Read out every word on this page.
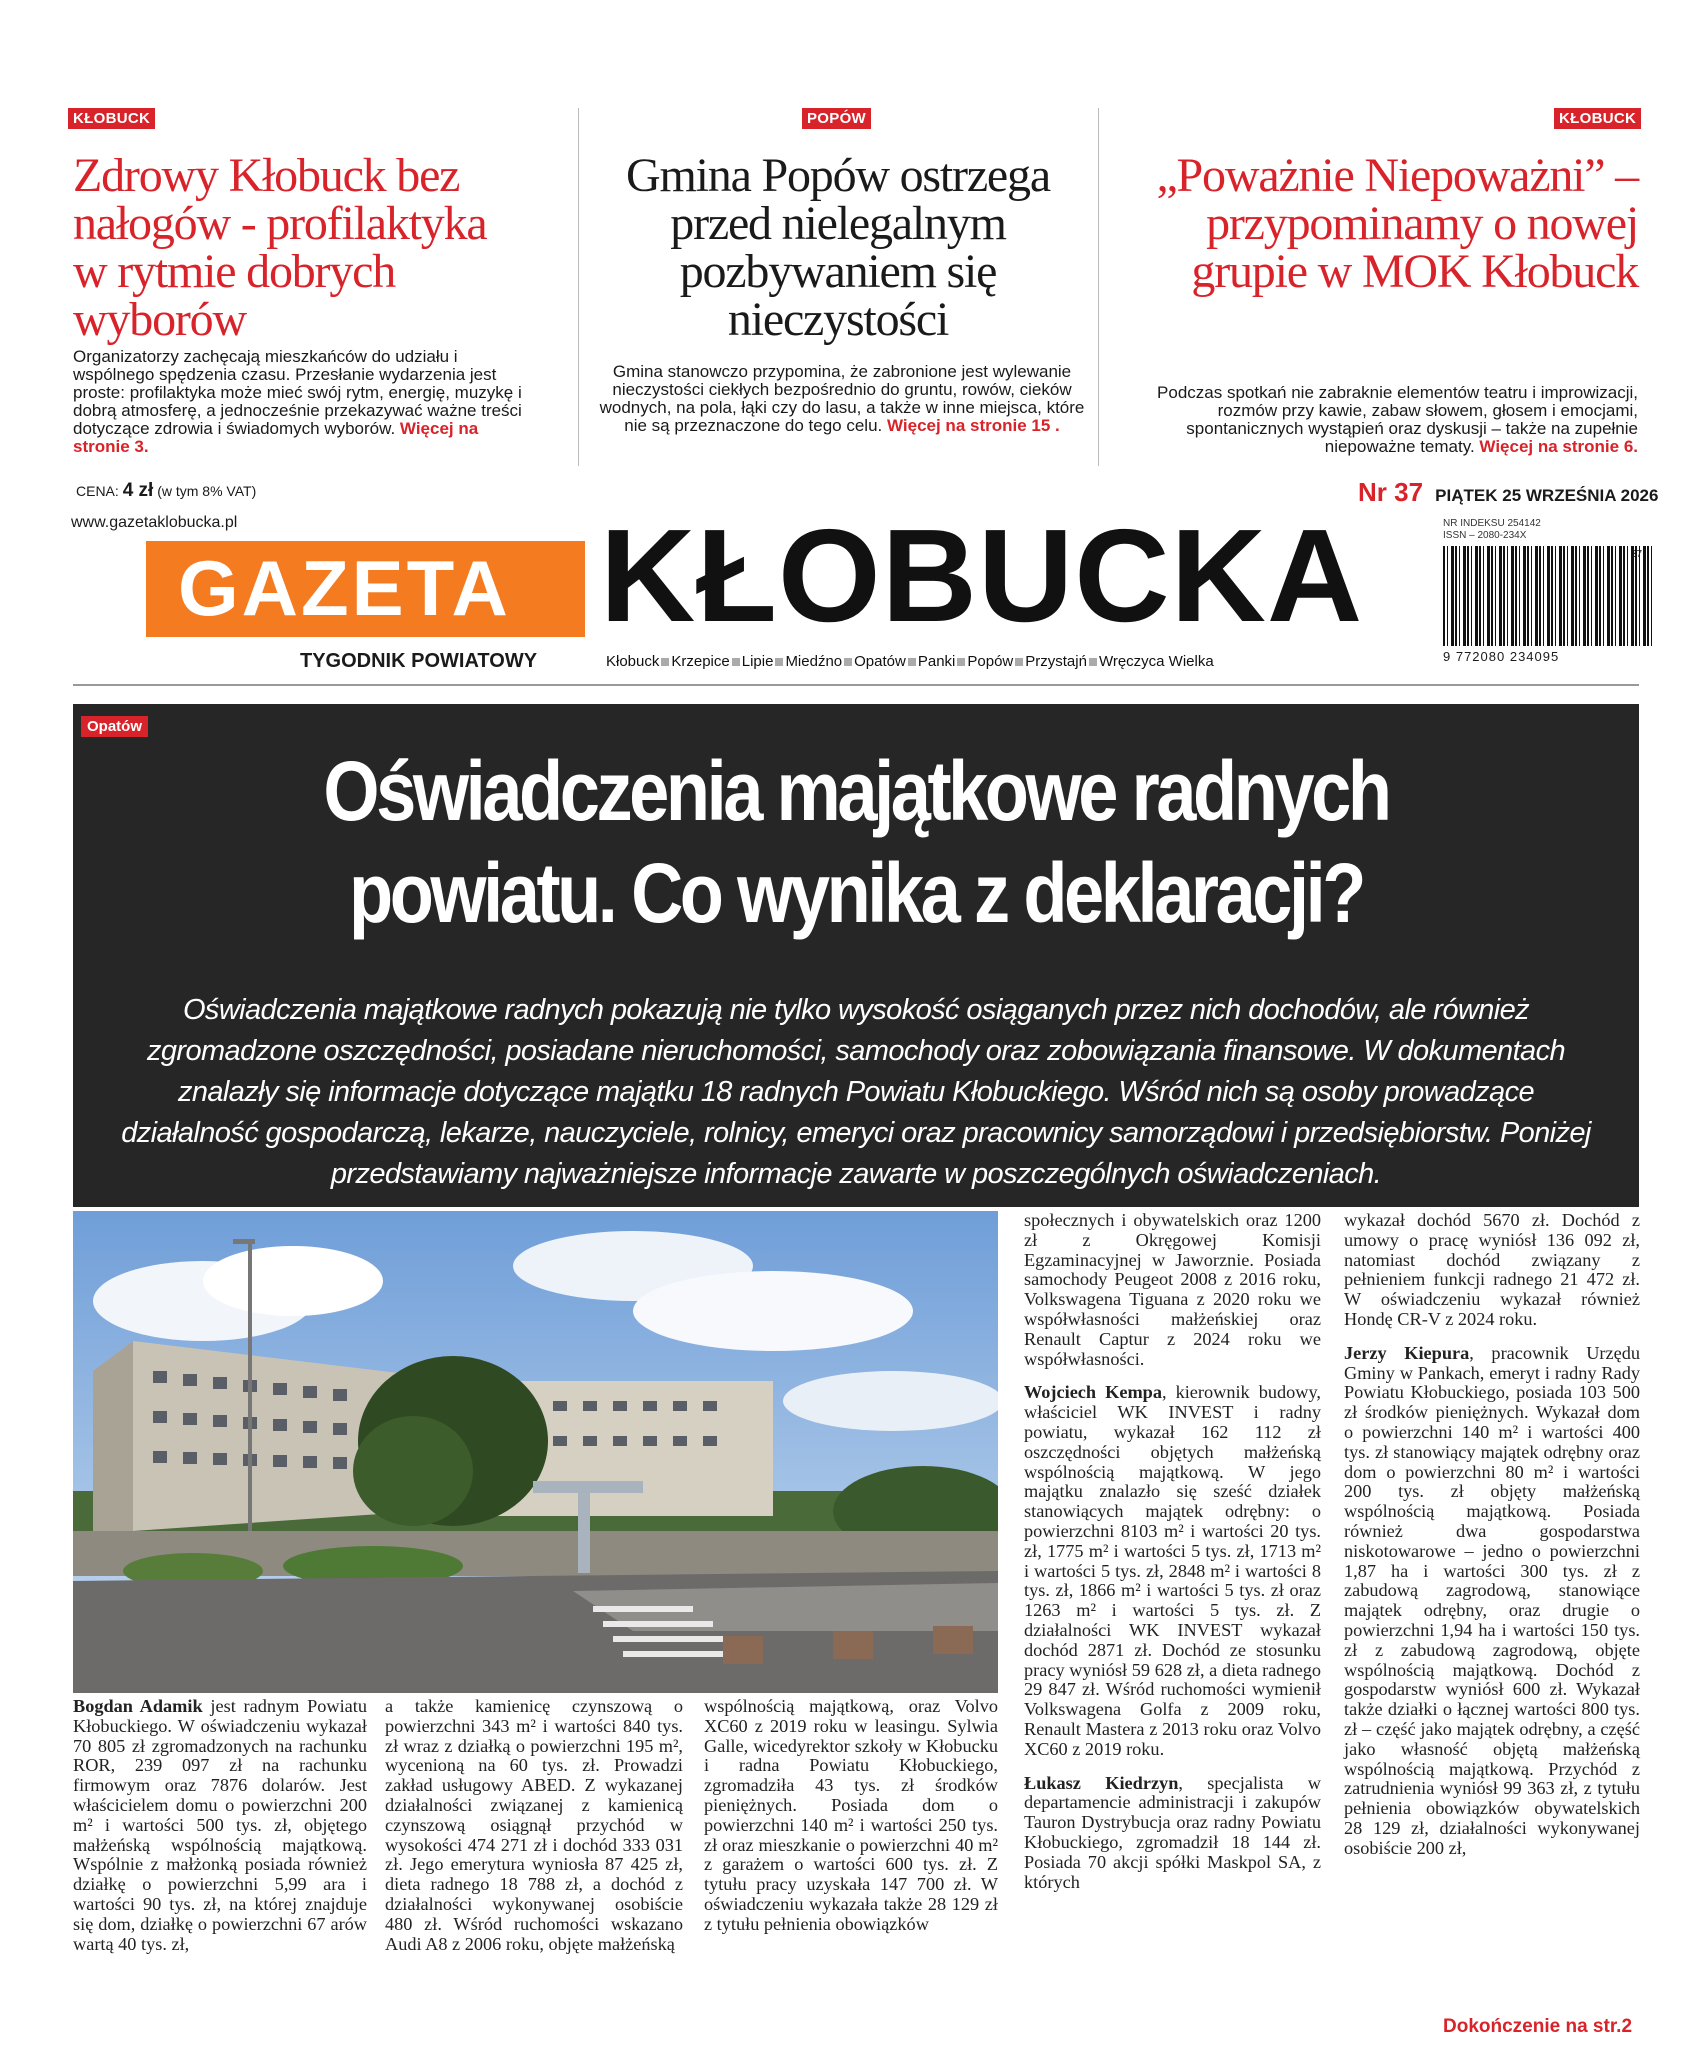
KŁOBUCK
Zdrowy Kłobuck bez nałogów - profilaktyka w rytmie dobrych wyborów
Organizatorzy zachęcają mieszkańców do udziału i wspólnego spędzenia czasu. Przesłanie wydarzenia jest proste: profilaktyka może mieć swój rytm, energię, muzykę i dobrą atmosferę, a jednocześnie przekazywać ważne treści dotyczące zdrowia i świadomych wyborów. Więcej na stronie 3.
POPÓW
Gmina Popów ostrzega przed nielegalnym pozbywaniem się nieczystości
Gmina stanowczo przypomina, że zabronione jest wylewanie nieczystości ciekłych bezpośrednio do gruntu, rowów, cieków wodnych, na pola, łąki czy do lasu, a także w inne miejsca, które nie są przeznaczone do tego celu. Więcej na stronie 15 .
KŁOBUCK
„Poważnie Niepoważni” – przypominamy o nowej grupie w MOK Kłobuck
Podczas spotkań nie zabraknie elementów teatru i improwizacji, rozmów przy kawie, zabaw słowem, głosem i emocjami, spontanicznych wystąpień oraz dyskusji – także na zupełnie niepoważne tematy. Więcej na stronie 6.
CENA: 4 zł (w tym 8% VAT)
www.gazetaklobucka.pl
GAZETA KŁOBUCKA
TYGODNIK POWIATOWY	Kłobuck Krzepice Lipie Miedźno Opatów Panki Popów Przystajń Wręczyca Wielka
Nr 37 PIĄTEK 25 WRZEŚNIA 2026
NR INDEKSU 254142
ISSN – 2080-234X
37
9 772080 234095
Opatów
Oświadczenia majątkowe radnych
powiatu. Co wynika z deklaracji?
Oświadczenia majątkowe radnych pokazują nie tylko wysokość osiąganych przez nich dochodów, ale również zgromadzone oszczędności, posiadane nieruchomości, samochody oraz zobowiązania finansowe. W dokumentach znalazły się informacje dotyczące majątku 18 radnych Powiatu Kłobuckiego. Wśród nich są osoby prowadzące działalność gospodarczą, lekarze, nauczyciele, rolnicy, emeryci oraz pracownicy samorządowi i przedsiębiorstw. Poniżej przedstawiamy najważniejsze informacje zawarte w poszczególnych oświadczeniach.
Bogdan Adamik jest radnym Powiatu Kłobuckiego. W oświadczeniu wykazał 70 805 zł zgromadzonych na rachunku ROR, 239 097 zł na rachunku firmowym oraz 7876 dolarów. Jest właścicielem domu o powierzchni 200 m² i wartości 500 tys. zł, objętego małżeńską wspólnością majątkową. Wspólnie z małżonką posiada również działkę o powierzchni 5,99 ara i wartości 90 tys. zł, na której znajduje się dom, działkę o powierzchni 67 arów wartą 40 tys. zł,
a także kamienicę czynszową o powierzchni 343 m² i wartości 840 tys. zł wraz z działką o powierzchni 195 m², wycenioną na 60 tys. zł. Prowadzi zakład usługowy ABED. Z wykazanej działalności związanej z kamienicą czynszową osiągnął przychód w wysokości 474 271 zł i dochód 333 031 zł. Jego emerytura wyniosła 87 425 zł, dieta radnego 18 788 zł, a dochód z działalności wykonywanej osobiście 480 zł. Wśród ruchomości wskazano Audi A8 z 2006 roku, objęte małżeńską
wspólnością majątkową, oraz Volvo XC60 z 2019 roku w leasingu. Sylwia Galle, wicedyrektor szkoły w Kłobucku i radna Powiatu Kłobuckiego, zgromadziła 43 tys. zł środków pieniężnych. Posiada dom o powierzchni 140 m² i wartości 250 tys. zł oraz mieszkanie o powierzchni 40 m² z garażem o wartości 600 tys. zł. Z tytułu pracy uzyskała 147 700 zł. W oświadczeniu wykazała także 28 129 zł z tytułu pełnienia obowiązków

społecznych i obywatelskich oraz 1200 zł z Okręgowej Komisji Egzaminacyjnej w Jaworznie. Posiada samochody Peugeot 2008 z 2016 roku, Volkswagena Tiguana z 2020 roku we współwłasności małżeńskiej oraz Renault Captur z 2024 roku we współwłasności.

Wojciech Kempa, kierownik budowy, właściciel WK INVEST i radny powiatu, wykazał 162 112 zł oszczędności objętych małżeńską wspólnością majątkową. W jego majątku znalazło się sześć działek stanowiących majątek odrębny: o powierzchni 8103 m² i wartości 20 tys. zł, 1775 m² i wartości 5 tys. zł, 1713 m² i wartości 5 tys. zł, 2848 m² i wartości 8 tys. zł, 1866 m² i wartości 5 tys. zł oraz 1263 m² i wartości 5 tys. zł. Z działalności WK INVEST wykazał dochód 2871 zł. Dochód ze stosunku pracy wyniósł 59 628 zł, a dieta radnego 29 847 zł. Wśród ruchomości wymienił Volkswagena Golfa z 2009 roku, Renault Mastera z 2013 roku oraz Volvo XC60 z 2019 roku.

Łukasz Kiedrzyn, specjalista w departamencie administracji i zakupów Tauron Dystrybucja oraz radny Powiatu Kłobuckiego, zgromadził 18 144 zł. Posiada 70 akcji spółki Maskpol SA, z których

wykazał dochód 5670 zł. Dochód z umowy o pracę wyniósł 136 092 zł, natomiast dochód związany z pełnieniem funkcji radnego 21 472 zł. W oświadczeniu wykazał również Hondę CR-V z 2024 roku.

Jerzy Kiepura, pracownik Urzędu Gminy w Pankach, emeryt i radny Rady Powiatu Kłobuckiego, posiada 103 500 zł środków pieniężnych. Wykazał dom o powierzchni 140 m² i wartości 400 tys. zł stanowiący majątek odrębny oraz dom o powierzchni 80 m² i wartości 200 tys. zł objęty małżeńską wspólnością majątkową. Posiada również dwa gospodarstwa niskotowarowe – jedno o powierzchni 1,87 ha i wartości 300 tys. zł z zabudową zagrodową, stanowiące majątek odrębny, oraz drugie o powierzchni 1,94 ha i wartości 150 tys. zł z zabudową zagrodową, objęte wspólnością majątkową. Dochód z gospodarstw wyniósł 600 zł. Wykazał także działki o łącznej wartości 800 tys. zł – część jako majątek odrębny, a część jako własność objętą małżeńską wspólnością majątkową. Przychód z zatrudnienia wyniósł 99 363 zł, z tytułu pełnienia obowiązków obywatelskich 28 129 zł, działalności wykonywanej osobiście 200 zł,

Dokończenie na str.2
